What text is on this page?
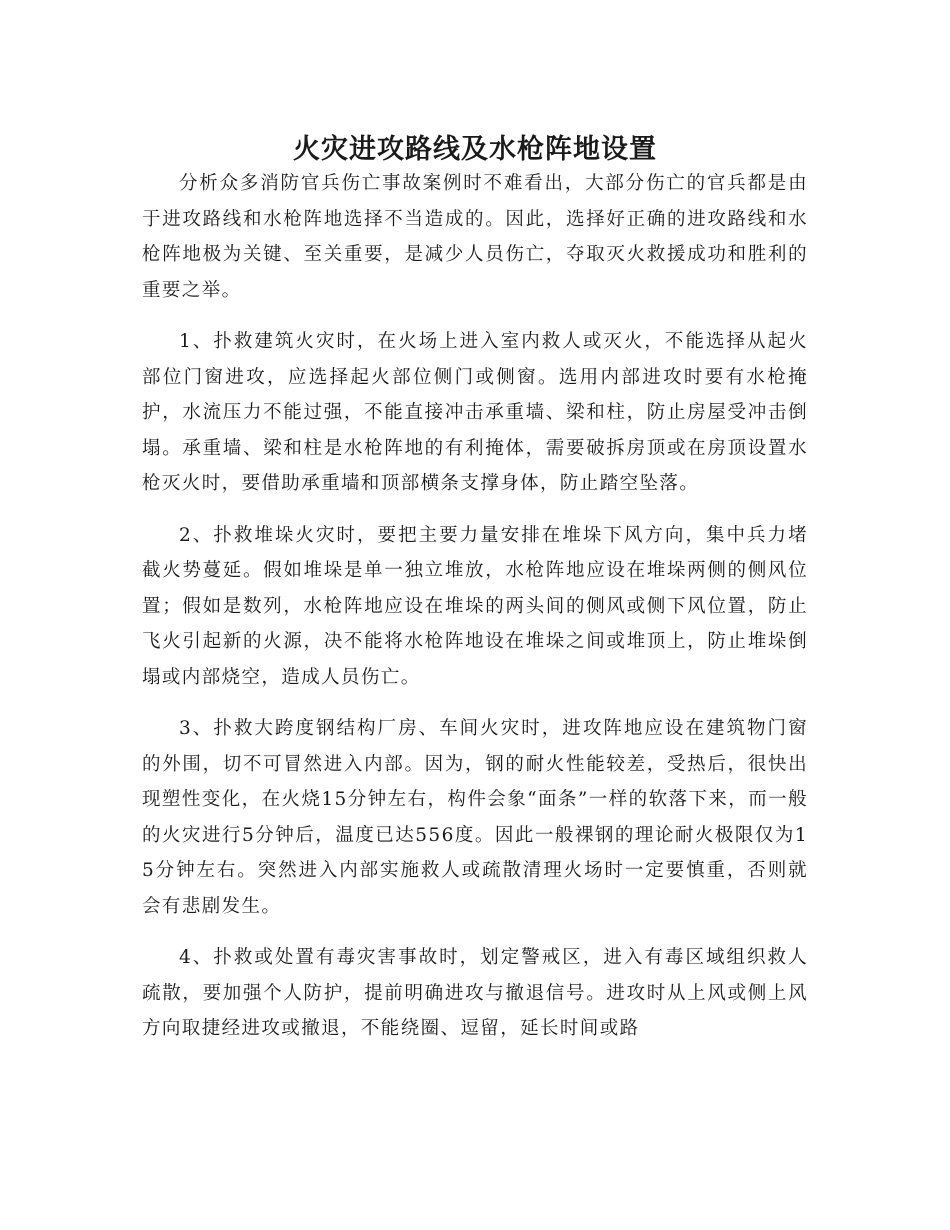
火灾进攻路线及水枪阵地设置

分析众多消防官兵伤亡事故案例时不难看出，大部分伤亡的官兵都是由于进攻路线和水枪阵地选择不当造成的。因此，选择好正确的进攻路线和水枪阵地极为关键、至关重要，是减少人员伤亡，夺取灭火救援成功和胜利的重要之举。

1、扑救建筑火灾时，在火场上进入室内救人或灭火，不能选择从起火部位门窗进攻，应选择起火部位侧门或侧窗。选用内部进攻时要有水枪掩护，水流压力不能过强，不能直接冲击承重墙、梁和柱，防止房屋受冲击倒塌。承重墙、梁和柱是水枪阵地的有利掩体，需要破拆房顶或在房顶设置水枪灭火时，要借助承重墙和顶部横条支撑身体，防止踏空坠落。

2、扑救堆垛火灾时，要把主要力量安排在堆垛下风方向，集中兵力堵截火势蔓延。假如堆垛是单一独立堆放，水枪阵地应设在堆垛两侧的侧风位置；假如是数列，水枪阵地应设在堆垛的两头间的侧风或侧下风位置，防止飞火引起新的火源，决不能将水枪阵地设在堆垛之间或堆顶上，防止堆垛倒塌或内部烧空，造成人员伤亡。

3、扑救大跨度钢结构厂房、车间火灾时，进攻阵地应设在建筑物门窗的外围，切不可冒然进入内部。因为，钢的耐火性能较差，受热后，很快出现塑性变化，在火烧15分钟左右，构件会象“面条”一样的软落下来，而一般的火灾进行5分钟后，温度已达556度。因此一般裸钢的理论耐火极限仅为15分钟左右。突然进入内部实施救人或疏散清理火场时一定要慎重，否则就会有悲剧发生。

4、扑救或处置有毒灾害事故时，划定警戒区，进入有毒区域组织救人疏散，要加强个人防护，提前明确进攻与撤退信号。进攻时从上风或侧上风方向取捷经进攻或撤退，不能绕圈、逗留，延长时间或路
